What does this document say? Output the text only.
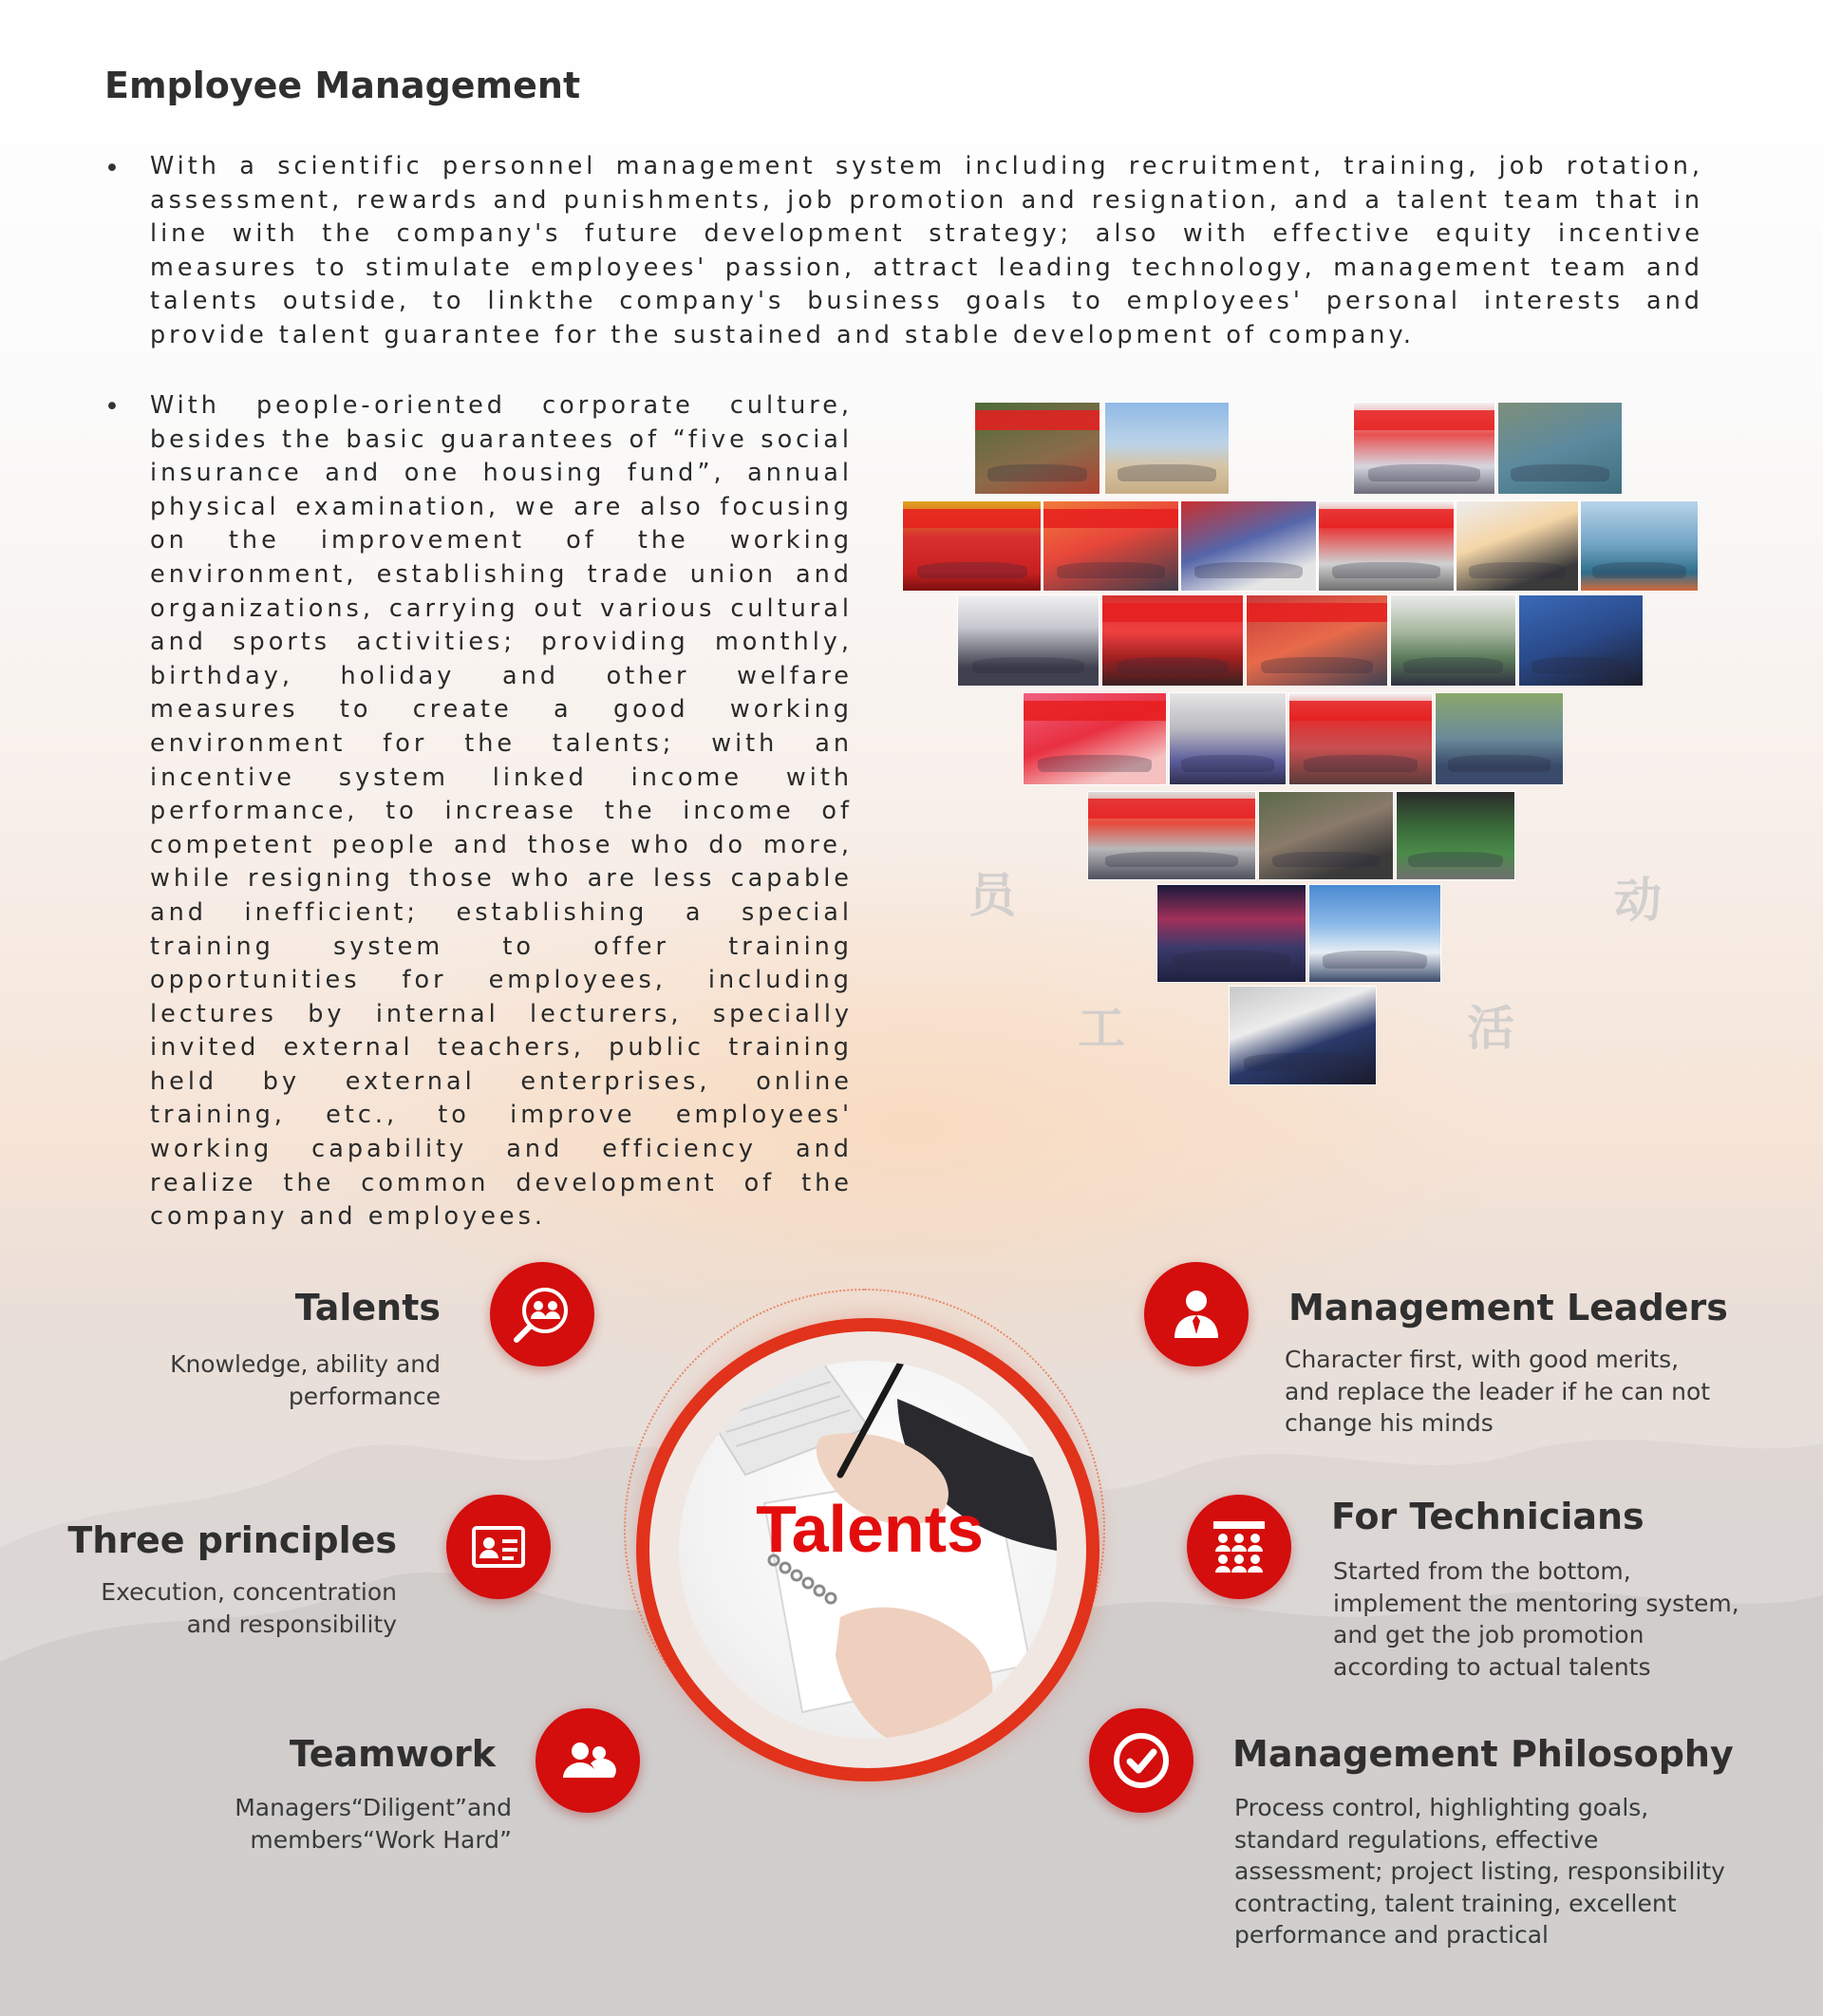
Employee Management
• With a scientific personnel management system including recruitment, training, job rotation, assessment, rewards and punishments, job promotion and resignation, and a talent team that in line with the company's future development strategy; also with effective equity incentive measures to stimulate employees' passion, attract leading technology, management team and talents outside, to linkthe company's business goals to employees' personal interests and provide talent guarantee for the sustained and stable development of company.

• With people-oriented corporate culture, besides the basic guarantees of “five social insurance and one housing fund”, annual physical examination, we are also focusing on the improvement of the working environment, establishing trade union and organizations, carrying out various cultural and sports activities; providing monthly, birthday, holiday and other welfare measures to create a good working environment for the talents; with an incentive system linked income with performance, to increase the income of competent people and those who do more, while resigning those who are less capable and inefficient; establishing a special training system to offer training opportunities for employees, including lectures by internal lecturers, specially invited external teachers, public training held by external enterprises, online training, etc., to improve employees' working capability and efficiency and realize the common development of the company and employees.

员
工	活
动
Talents
Talents

Knowledge, ability and performance

Three principles

Execution, concentration and responsibility

Teamwork

Managers“Diligent”and members“Work Hard”

Management Leaders

Character first, with good merits, and replace the leader if he can not change his minds

For Technicians

Started from the bottom, implement the mentoring system, and get the job promotion according to actual talents

Management Philosophy

Process control, highlighting goals, standard regulations, effective assessment; project listing, responsibility contracting, talent training, excellent performance and practical
